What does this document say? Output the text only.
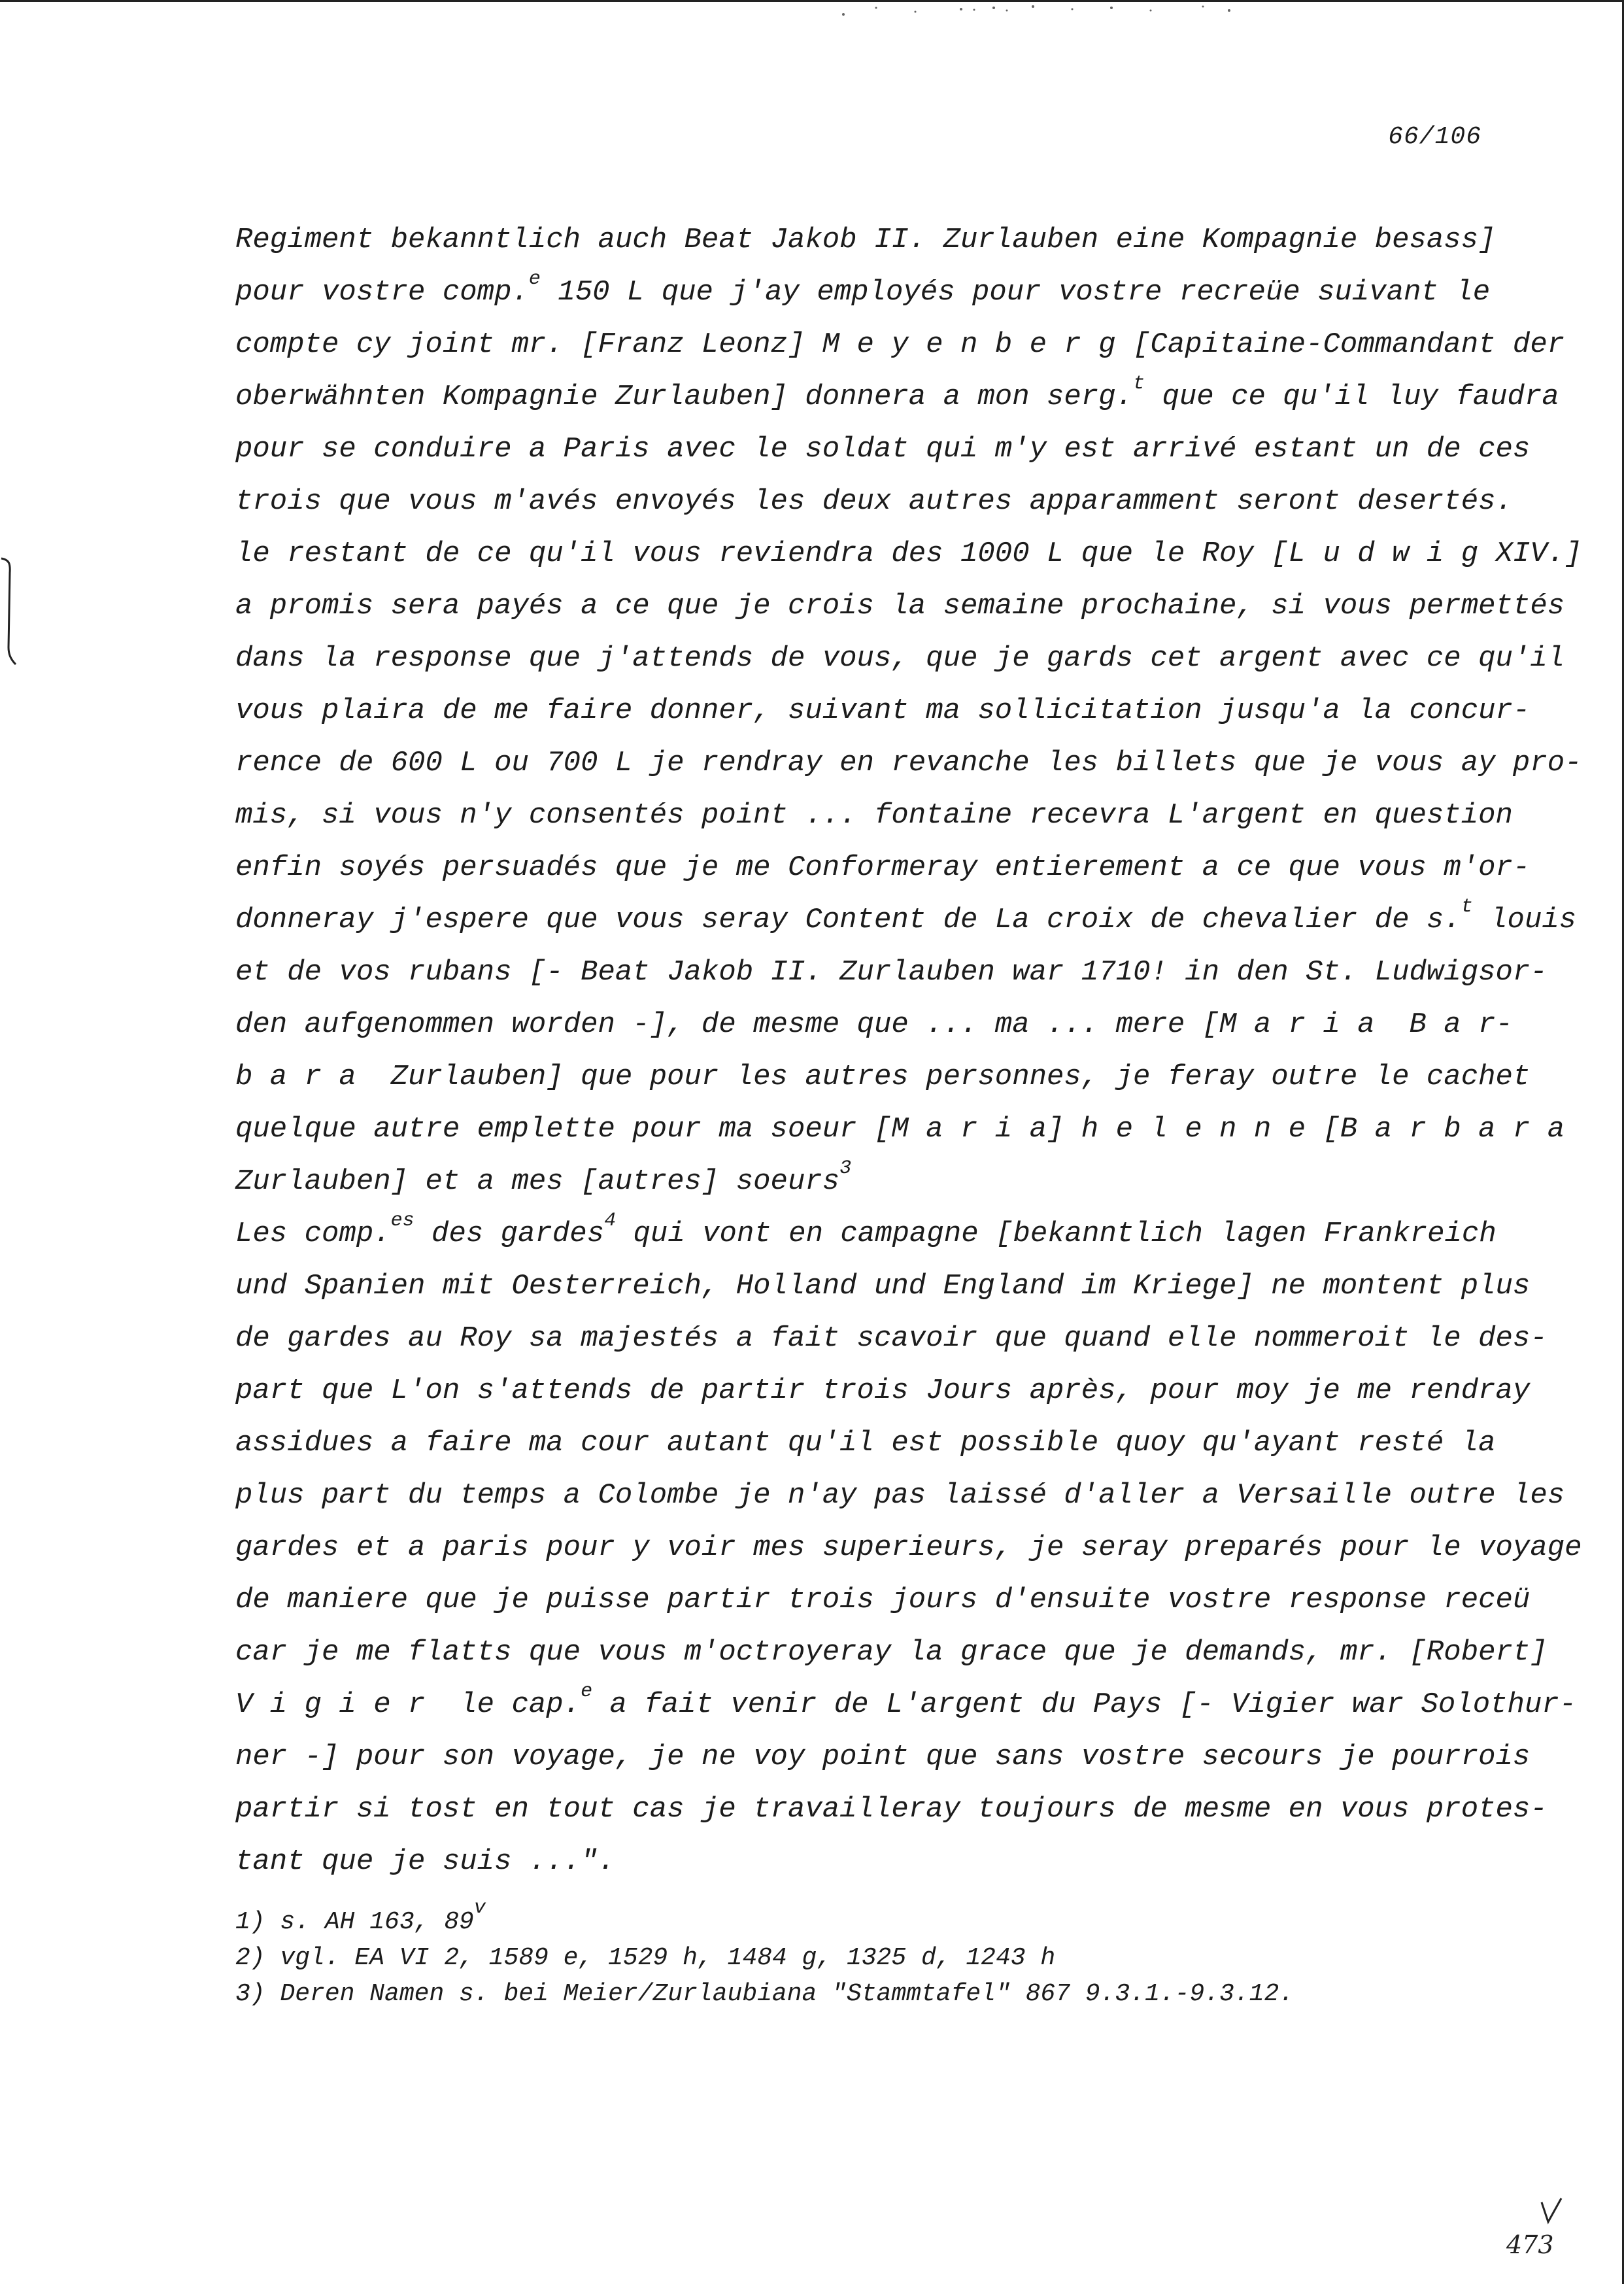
66/106
Regiment bekanntlich auch Beat Jakob II. Zurlauben eine Kompagnie besass]
pour vostre comp.$^e$ 150 L que j'ay employés pour vostre recreüe suivant le
compte cy joint mr. [Franz Leonz] M e y e n b e r g [Capitaine-Commandant der
oberwähnten Kompagnie Zurlauben] donnera a mon serg.$^t$ que ce qu'il luy faudra
pour se conduire a Paris avec le soldat qui m'y est arrivé estant un de ces
trois que vous m'avés envoyés les deux autres apparamment seront desertés.
le restant de ce qu'il vous reviendra des 1000 L que le Roy [L u d w i g XIV.]
a promis sera payés a ce que je crois la semaine prochaine, si vous permettés
dans la response que j'attends de vous, que je gards cet argent avec ce qu'il
vous plaira de me faire donner, suivant ma sollicitation jusqu'a la concur-
rence de 600 L ou 700 L je rendray en revanche les billets que je vous ay pro-
mis, si vous n'y consentés point ... fontaine recevra L'argent en question
enfin soyés persuadés que je me Conformeray entierement a ce que vous m'or-
donneray j'espere que vous seray Content de La croix de chevalier de s.$^t$ louis
et de vos rubans [- Beat Jakob II. Zurlauben war 1710! in den St. Ludwigsor-
den aufgenommen worden -], de mesme que ... ma ... mere [M a r i a  B a r-
b a r a  Zurlauben] que pour les autres personnes, je feray outre le cachet
quelque autre emplette pour ma soeur [M a r i a] h e l e n n e [B a r b a r a
Zurlauben] et a mes [autres] soeurs$^3$
Les comp.$^{es}$ des gardes$^4$ qui vont en campagne [bekanntlich lagen Frankreich
und Spanien mit Oesterreich, Holland und England im Kriege] ne montent plus
de gardes au Roy sa majestés a fait scavoir que quand elle nommeroit le des-
part que L'on s'attends de partir trois Jours après, pour moy je me rendray
assidues a faire ma cour autant qu'il est possible quoy qu'ayant resté la
plus part du temps a Colombe je n'ay pas laissé d'aller a Versaille outre les
gardes et a paris pour y voir mes superieurs, je seray preparés pour le voyage
de maniere que je puisse partir trois jours d'ensuite vostre response receü
car je me flatts que vous m'octroyeray la grace que je demands, mr. [Robert]
V i g i e r  le cap.$^e$ a fait venir de L'argent du Pays [- Vigier war Solothur-
ner -] pour son voyage, je ne voy point que sans vostre secours je pourrois
partir si tost en tout cas je travailleray toujours de mesme en vous protes-
tant que je suis ...".
1) s. AH 163, 89$^v$
2) vgl. EA VI 2, 1589 e, 1529 h, 1484 g, 1325 d, 1243 h
3) Deren Namen s. bei Meier/Zurlaubiana "Stammtafel" 867 9.3.1.-9.3.12.
473
